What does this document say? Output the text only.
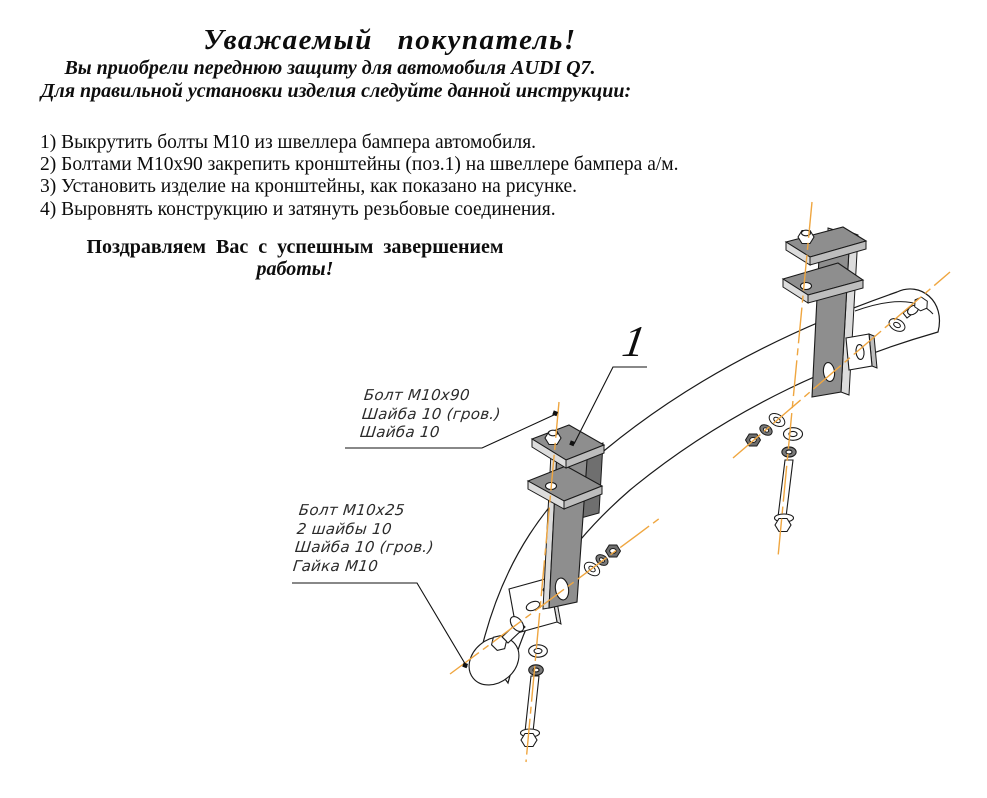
Уважаемый покупатель!
Вы приобрели переднюю защиту для автомобиля AUDI Q7.
Для правильной установки изделия следуйте данной инструкции:
1) Выкрутить болты М10 из швеллера бампера автомобиля.
2) Болтами М10х90 закрепить кронштейны (поз.1) на швеллере бампера а/м.
3) Установить изделие на кронштейны, как показано на рисунке.
4) Выровнять конструкцию и затянуть резьбовые соединения.
Поздравляем Вас с успешным завершением
работы!
Болт М10х90
Шайба 10 (гров.)
Шайба 10
Болт М10х25
2 шайбы 10
Шайба 10 (гров.)
Гайка М10
1
